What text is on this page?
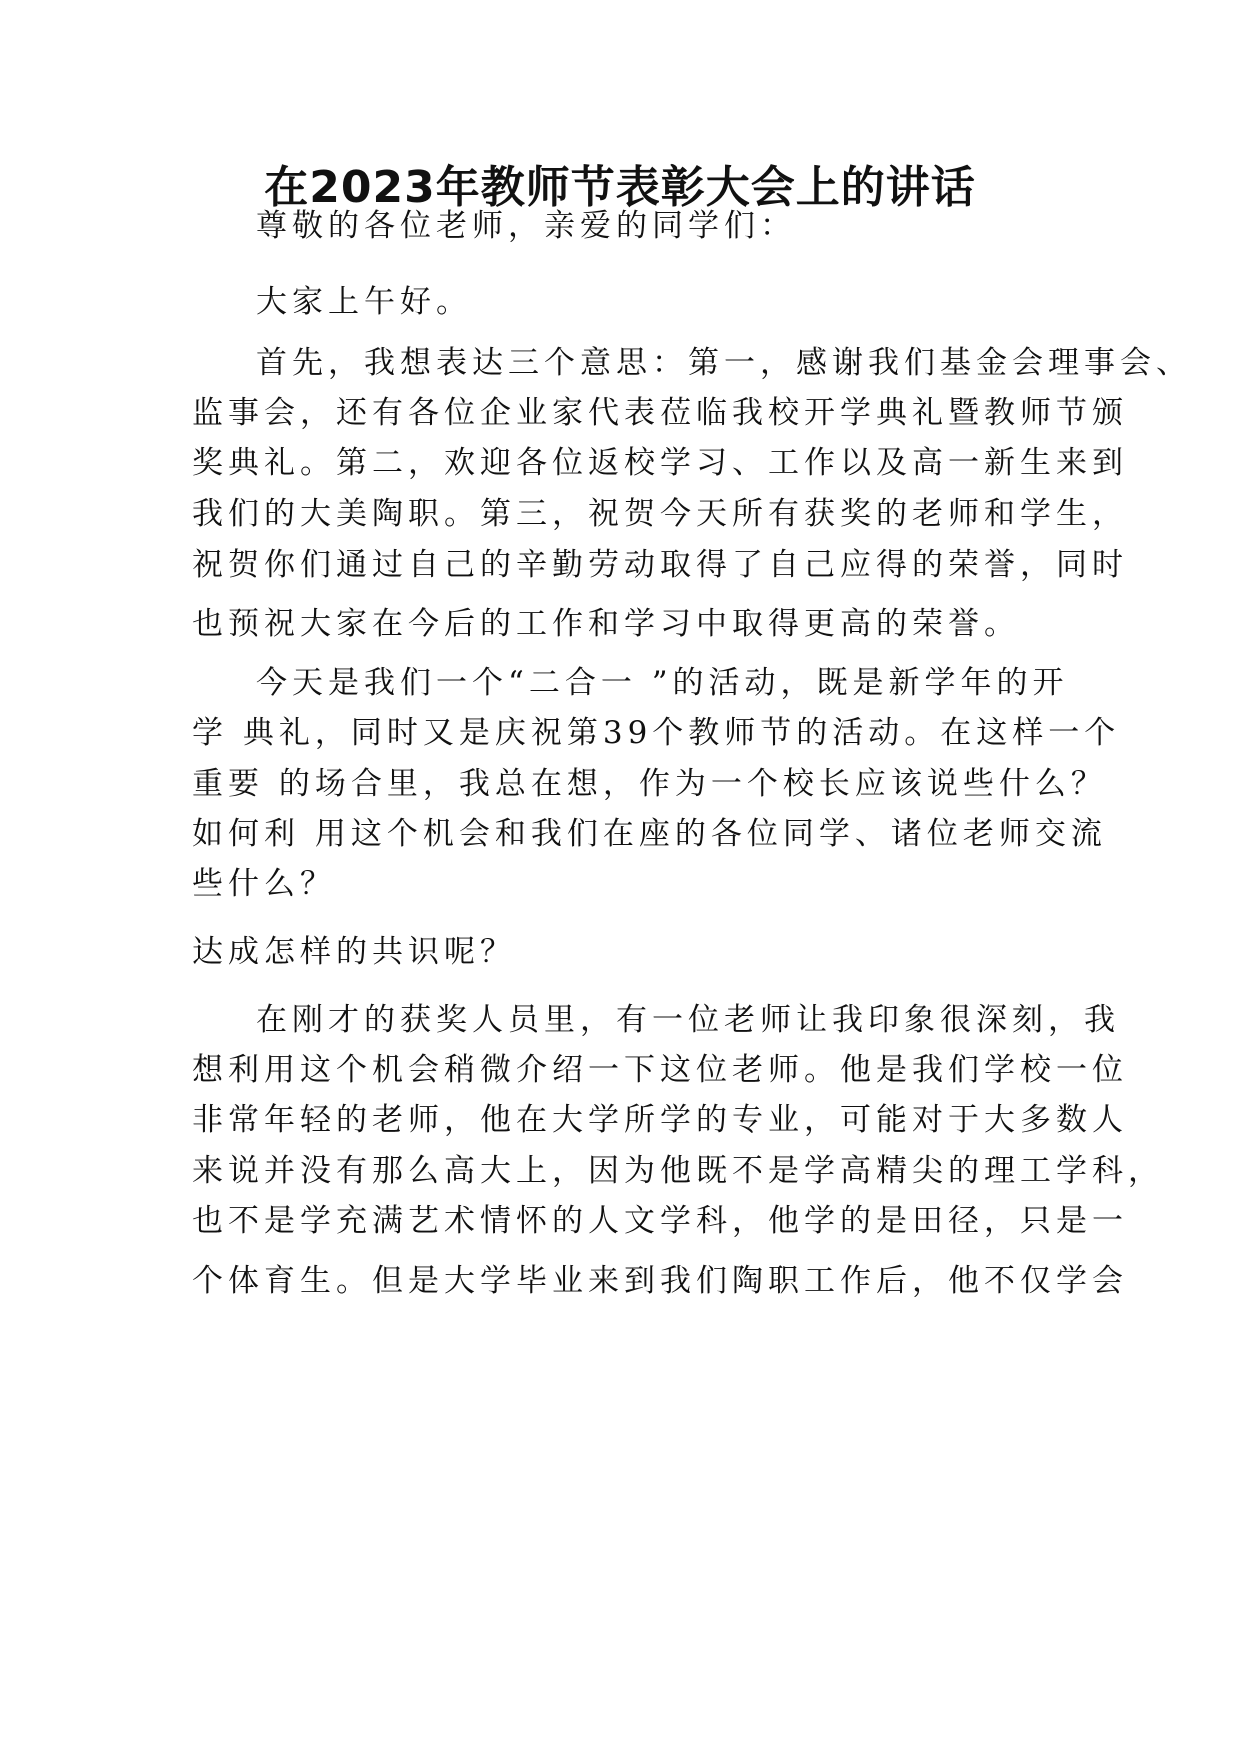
在2023年教师节表彰大会上的讲话

尊敬的各位老师，亲爱的同学们：

大家上午好。

首先，我想表达三个意思：第一，感谢我们基金会理事会、

监事会，还有各位企业家代表莅临我校开学典礼暨教师节颁

奖典礼。第二，欢迎各位返校学习、工作以及高一新生来到

我们的大美陶职。第三，祝贺今天所有获奖的老师和学生，

祝贺你们通过自己的辛勤劳动取得了自己应得的荣誉，同时

也预祝大家在今后的工作和学习中取得更高的荣誉。

今天是我们一个“二合一 ”的活动，既是新学年的开

学 典礼，同时又是庆祝第39个教师节的活动。在这样一个

重要 的场合里，我总在想，作为一个校长应该说些什么？

如何利 用这个机会和我们在座的各位同学、诸位老师交流

些什么？

达成怎样的共识呢？

在刚才的获奖人员里，有一位老师让我印象很深刻，我

想利用这个机会稍微介绍一下这位老师。他是我们学校一位

非常年轻的老师，他在大学所学的专业，可能对于大多数人

来说并没有那么高大上，因为他既不是学高精尖的理工学科，

也不是学充满艺术情怀的人文学科，他学的是田径，只是一

个体育生。但是大学毕业来到我们陶职工作后，他不仅学会
